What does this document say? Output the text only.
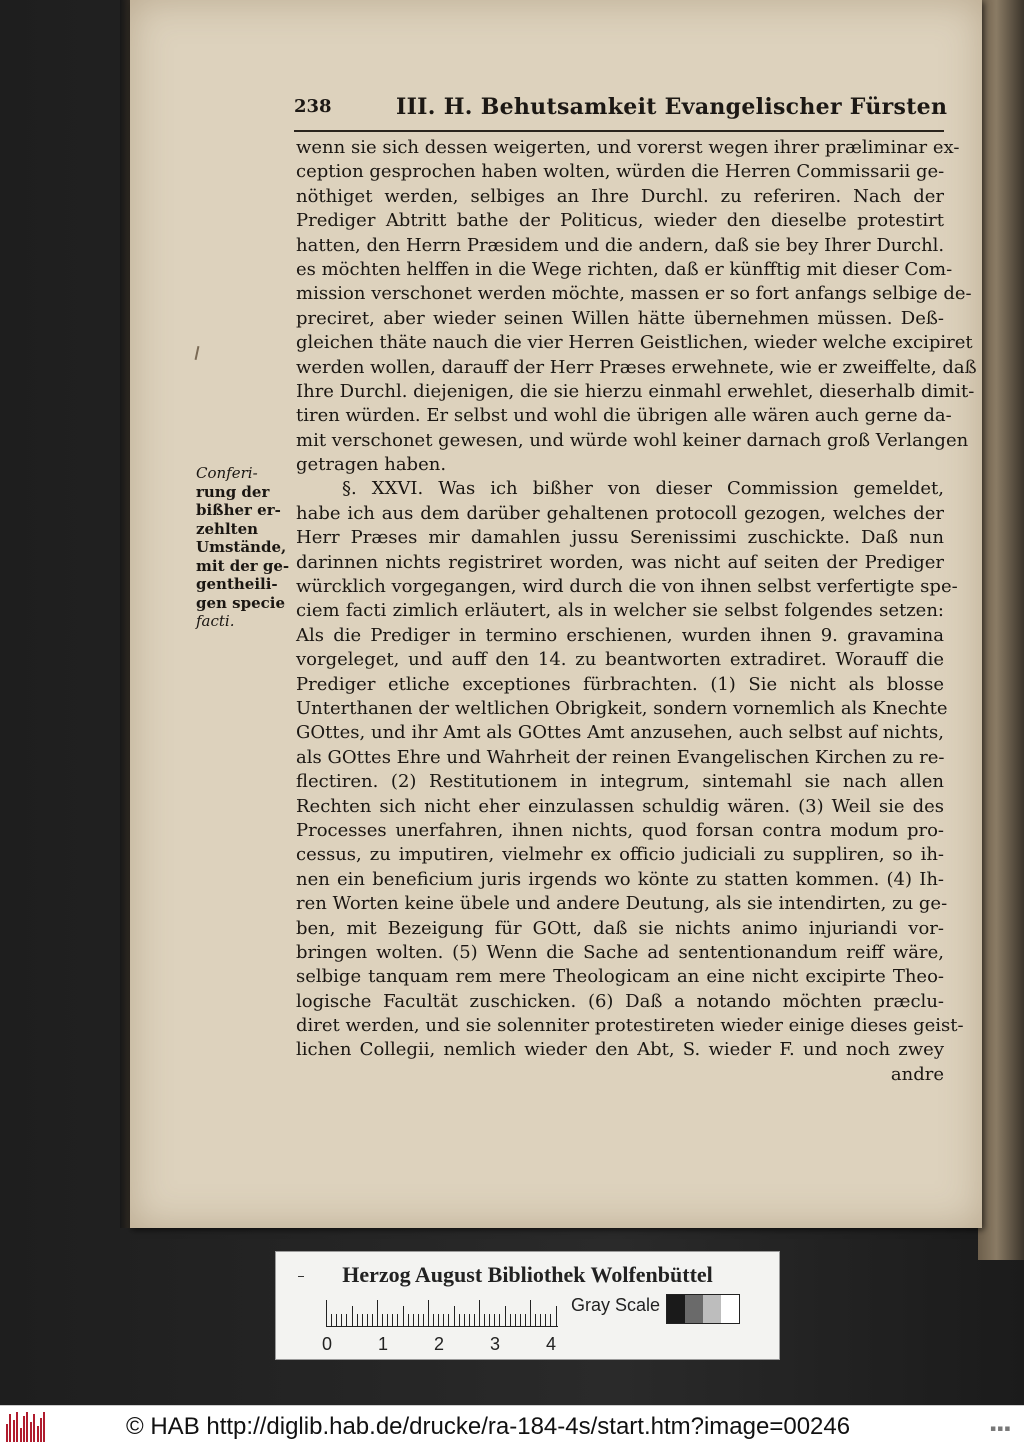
238	III. H. Behutsamkeit Evangelischer Fürsten
wenn sie sich dessen weigerten, und vorerst wegen ihrer præliminar ex-
ception gesprochen haben wolten, würden die Herren Commissarii ge-
nöthiget werden, selbiges an Ihre Durchl. zu referiren. Nach der
Prediger Abtritt bathe der Politicus, wieder den dieselbe protestirt
hatten, den Herrn Præsidem und die andern, daß sie bey Ihrer Durchl.
es möchten helffen in die Wege richten, daß er künfftig mit dieser Com-
mission verschonet werden möchte, massen er so fort anfangs selbige de-
preciret, aber wieder seinen Willen hätte übernehmen müssen. Deß-
gleichen thäte nauch die vier Herren Geistlichen, wieder welche excipiret
werden wollen, darauff der Herr Præses erwehnete, wie er zweiffelte, daß
Ihre Durchl. diejenigen, die sie hierzu einmahl erwehlet, dieserhalb dimit-
tiren würden. Er selbst und wohl die übrigen alle wären auch gerne da-
mit verschonet gewesen, und würde wohl keiner darnach groß Verlangen
getragen haben.
§. XXVI. Was ich bißher von dieser Commission gemeldet,
habe ich aus dem darüber gehaltenen protocoll gezogen, welches der
Herr Præses mir damahlen jussu Serenissimi zuschickte. Daß nun
darinnen nichts registriret worden, was nicht auf seiten der Prediger
würcklich vorgegangen, wird durch die von ihnen selbst verfertigte spe-
ciem facti zimlich erläutert, als in welcher sie selbst folgendes setzen:
Als die Prediger in termino erschienen, wurden ihnen 9. gravamina
vorgeleget, und auff den 14. zu beantworten extradiret. Worauff die
Prediger etliche exceptiones fürbrachten. (1) Sie nicht als blosse
Unterthanen der weltlichen Obrigkeit, sondern vornemlich als Knechte
GOttes, und ihr Amt als GOttes Amt anzusehen, auch selbst auf nichts,
als GOttes Ehre und Wahrheit der reinen Evangelischen Kirchen zu re-
flectiren. (2) Restitutionem in integrum, sintemahl sie nach allen
Rechten sich nicht eher einzulassen schuldig wären. (3) Weil sie des
Processes unerfahren, ihnen nichts, quod forsan contra modum pro-
cessus, zu imputiren, vielmehr ex officio judiciali zu suppliren, so ih-
nen ein beneficium juris irgends wo könte zu statten kommen. (4) Ih-
ren Worten keine übele und andere Deutung, als sie intendirten, zu ge-
ben, mit Bezeigung für GOtt, daß sie nichts animo injuriandi vor-
bringen wolten. (5) Wenn die Sache ad sententionandum reiff wäre,
selbige tanquam rem mere Theologicam an eine nicht excipirte Theo-
logische Facultät zuschicken. (6) Daß a notando möchten præclu-
diret werden, und sie solenniter protestireten wieder einige dieses geist-
lichen Collegii, nemlich wieder den Abt, S. wieder F. und noch zwey
andre
Conferi-
rung der
bißher er-
zehlten
Umstände,
mit der ge-
gentheili-
gen specie
facti.
Herzog August Bibliothek Wolfenbüttel
0	1	2	3	4
Gray Scale
© HAB http://diglib.hab.de/drucke/ra-184-4s/start.htm?image=00246	▪▪▪
